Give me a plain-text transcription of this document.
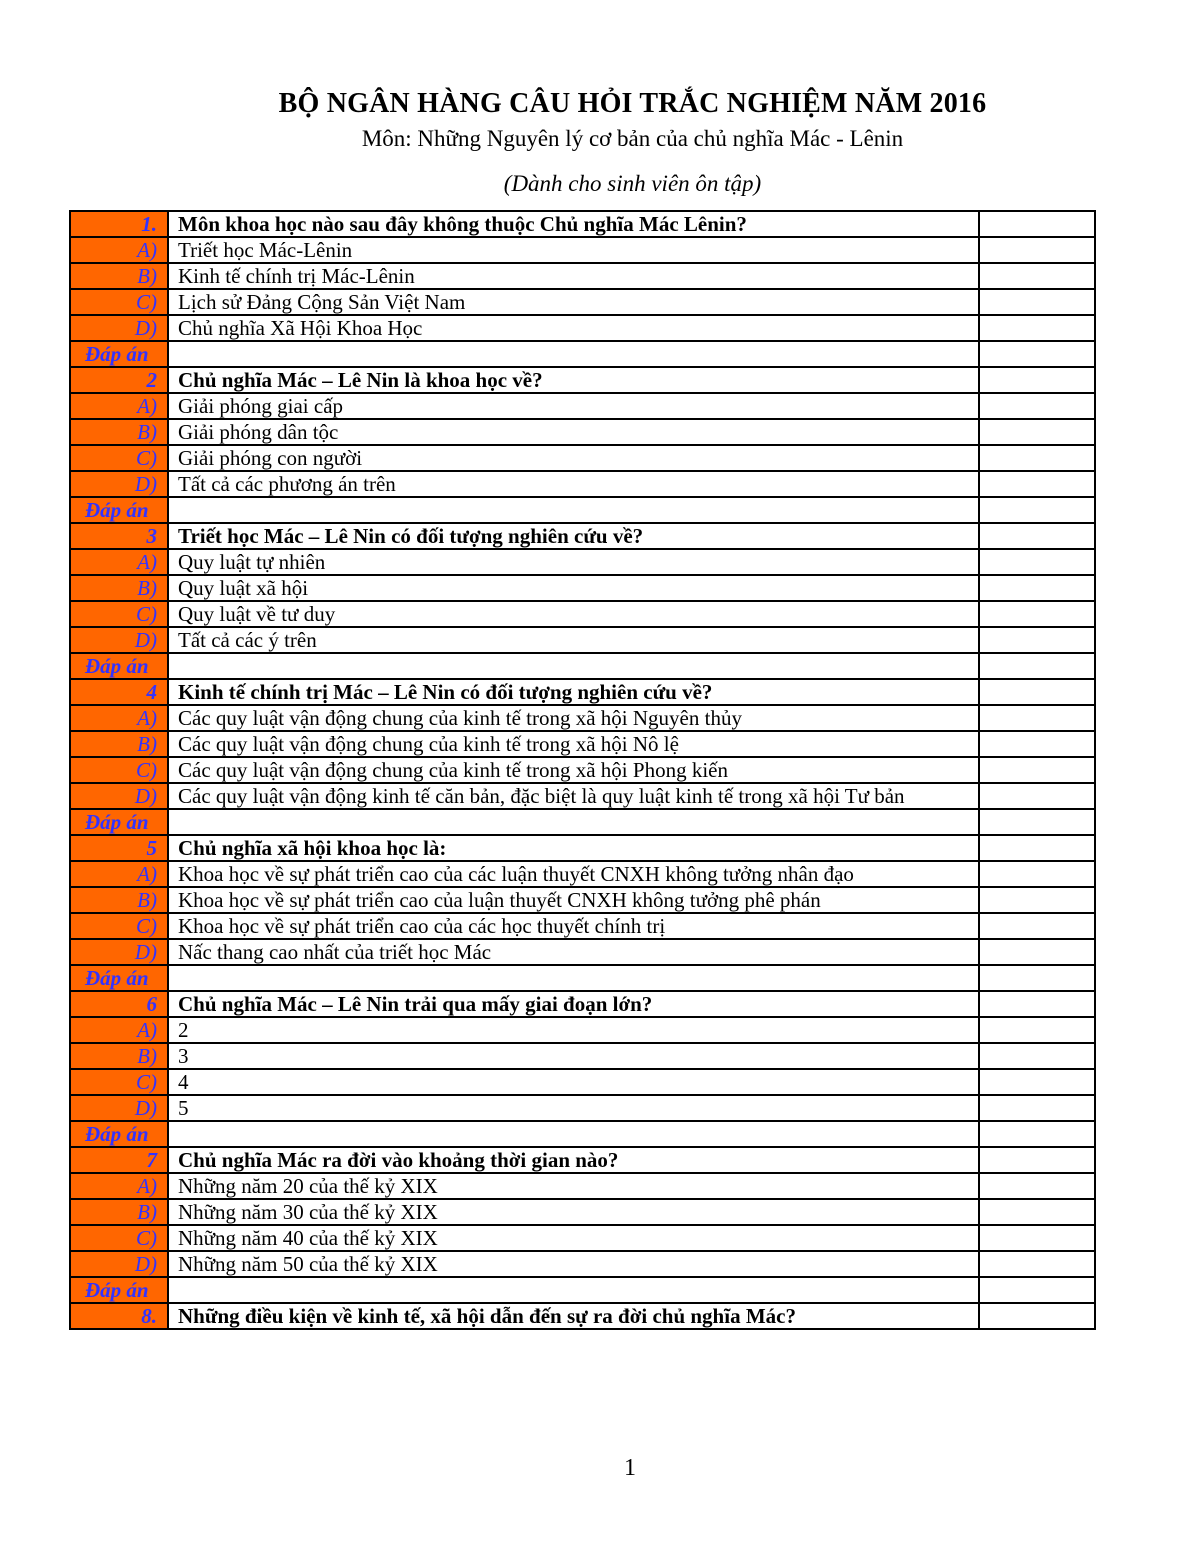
BỘ NGÂN HÀNG CÂU HỎI TRẮC NGHIỆM NĂM 2016
Môn: Những Nguyên lý cơ bản của chủ nghĩa Mác - Lênin
(Dành cho sinh viên ôn tập)
1.	Môn khoa học nào sau đây không thuộc Chủ nghĩa Mác Lênin?	
A)	Triết học Mác-Lênin	
B)	Kinh tế chính trị Mác-Lênin	
C)	Lịch sử Đảng Cộng Sản Việt Nam	
D)	Chủ nghĩa Xã Hội Khoa Học	
Đáp án		
2	Chủ nghĩa Mác – Lê Nin là khoa học về?	
A)	Giải phóng giai cấp	
B)	Giải phóng dân tộc	
C)	Giải phóng con người	
D)	Tất cả các phương án trên	
Đáp án		
3	Triết học Mác – Lê Nin có đối tượng nghiên cứu về?	
A)	Quy luật tự nhiên	
B)	Quy luật xã hội	
C)	Quy luật về tư duy	
D)	Tất cả các ý trên	
Đáp án		
4	Kinh tế chính trị Mác – Lê Nin có đối tượng nghiên cứu về?	
A)	Các quy luật vận động chung của kinh tế trong xã hội Nguyên thủy	
B)	Các quy luật vận động chung của kinh tế trong xã hội Nô lệ	
C)	Các quy luật vận động chung của kinh tế trong xã hội Phong kiến	
D)	Các quy luật vận động kinh tế căn bản, đặc biệt là quy luật kinh tế trong xã hội Tư bản	
Đáp án		
5	Chủ nghĩa xã hội khoa học là:	
A)	Khoa học về sự phát triển cao của các luận thuyết CNXH không tưởng nhân đạo	
B)	Khoa học về sự phát triển cao của luận thuyết CNXH không tưởng phê phán	
C)	Khoa học về sự phát triển cao của các học thuyết chính trị	
D)	Nấc thang cao nhất của triết học Mác	
Đáp án		
6	Chủ nghĩa Mác – Lê Nin trải qua mấy giai đoạn lớn?	
A)	2	
B)	3	
C)	4	
D)	5	
Đáp án		
7	Chủ nghĩa Mác ra đời vào khoảng thời gian nào?	
A)	Những năm 20 của thế kỷ XIX	
B)	Những năm 30 của thế kỷ XIX	
C)	Những năm 40 của thế kỷ XIX	
D)	Những năm 50 của thế kỷ XIX	
Đáp án		
8.	Những điều kiện về kinh tế, xã hội dẫn đến sự ra đời chủ nghĩa Mác?	
1
